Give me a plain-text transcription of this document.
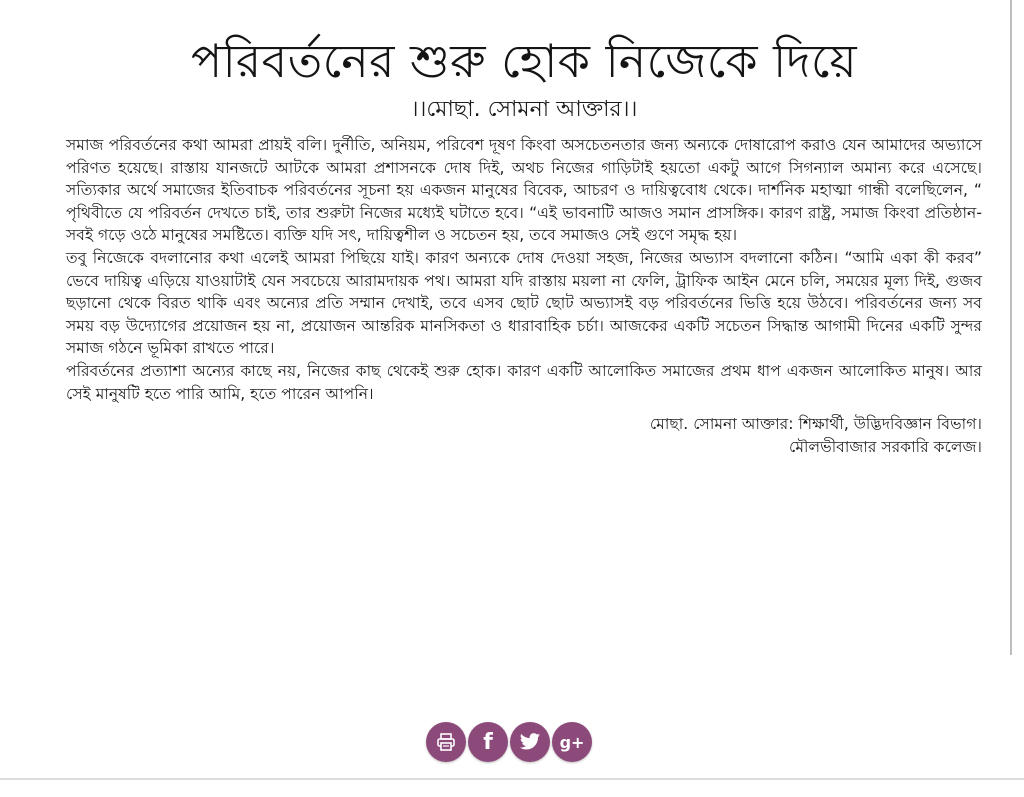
পরিবর্তনের শুরু হোক নিজেকে দিয়ে
।।মোছা. সোমনা আক্তার।।

সমাজ পরিবর্তনের কথা আমরা প্রায়ই বলি। দুর্নীতি, অনিয়ম, পরিবেশ দূষণ কিংবা অসচেতনতার জন্য অন্যকে দোষারোপ করাও যেন আমাদের অভ্যাসে পরিণত হয়েছে। রাস্তায় যানজটে আটকে আমরা প্রশাসনকে দোষ দিই, অথচ নিজের গাড়িটাই হয়তো একটু আগে সিগন্যাল অমান্য করে এসেছে। সত্যিকার অর্থে সমাজের ইতিবাচক পরিবর্তনের সূচনা হয় একজন মানুষের বিবেক, আচরণ ও দায়িত্ববোধ থেকে। দার্শনিক মহাত্মা গান্ধী বলেছিলেন, “ পৃথিবীতে যে পরিবর্তন দেখতে চাই, তার শুরুটা নিজের মধ্যেই ঘটাতে হবে। “এই ভাবনাটি আজও সমান প্রাসঙ্গিক। কারণ রাষ্ট্র, সমাজ কিংবা প্রতিষ্ঠান-সবই গড়ে ওঠে মানুষের সমষ্টিতে। ব্যক্তি যদি সৎ, দায়িত্বশীল ও সচেতন হয়, তবে সমাজও সেই গুণে সমৃদ্ধ হয়।

তবু নিজেকে বদলানোর কথা এলেই আমরা পিছিয়ে যাই। কারণ অন্যকে দোষ দেওয়া সহজ, নিজের অভ্যাস বদলানো কঠিন। “আমি একা কী করব” ভেবে দায়িত্ব এড়িয়ে যাওয়াটাই যেন সবচেয়ে আরামদায়ক পথ। আমরা যদি রাস্তায় ময়লা না ফেলি, ট্রাফিক আইন মেনে চলি, সময়ের মূল্য দিই, গুজব ছড়ানো থেকে বিরত থাকি এবং অন্যের প্রতি সম্মান দেখাই, তবে এসব ছোট ছোট অভ্যাসই বড় পরিবর্তনের ভিত্তি হয়ে উঠবে। পরিবর্তনের জন্য সব সময় বড় উদ্যোগের প্রয়োজন হয় না, প্রয়োজন আন্তরিক মানসিকতা ও ধারাবাহিক চর্চা। আজকের একটি সচেতন সিদ্ধান্ত আগামী দিনের একটি সুন্দর সমাজ গঠনে ভূমিকা রাখতে পারে।

পরিবর্তনের প্রত্যাশা অন্যের কাছে নয়, নিজের কাছ থেকেই শুরু হোক। কারণ একটি আলোকিত সমাজের প্রথম ধাপ একজন আলোকিত মানুষ। আর সেই মানুষটি হতে পারি আমি, হতে পারেন আপনি।

মোছা. সোমনা আক্তার: শিক্ষার্থী, উদ্ভিদবিজ্ঞান বিভাগ।
মৌলভীবাজার সরকারি কলেজ।
f	g+
